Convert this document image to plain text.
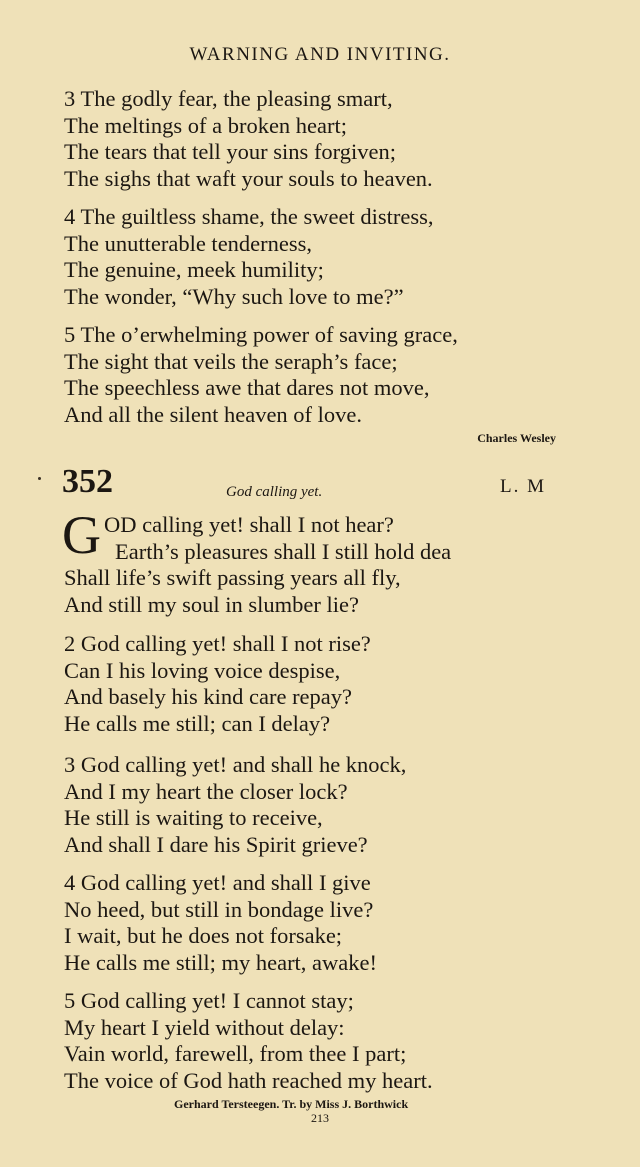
WARNING AND INVITING.
3 The godly fear, the pleasing smart,
The meltings of a broken heart;
The tears that tell your sins forgiven;
The sighs that waft your souls to heaven.
4 The guiltless shame, the sweet distress,
The unutterable tenderness,
The genuine, meek humility;
The wonder, “Why such love to me?”
5 The o’erwhelming power of saving grace,
The sight that veils the seraph’s face;
The speechless awe that dares not move,
And all the silent heaven of love.
Charles Wesley
352	God calling yet.	L. M
G OD calling yet! shall I not hear?
Earth’s pleasures shall I still hold dea
Shall life’s swift passing years all fly,
And still my soul in slumber lie?
2 God calling yet! shall I not rise?
Can I his loving voice despise,
And basely his kind care repay?
He calls me still; can I delay?
3 God calling yet! and shall he knock,
And I my heart the closer lock?
He still is waiting to receive,
And shall I dare his Spirit grieve?
4 God calling yet! and shall I give
No heed, but still in bondage live?
I wait, but he does not forsake;
He calls me still; my heart, awake!
5 God calling yet! I cannot stay;
My heart I yield without delay:
Vain world, farewell, from thee I part;
The voice of God hath reached my heart.
Gerhard Tersteegen. Tr. by Miss J. Borthwick
213
